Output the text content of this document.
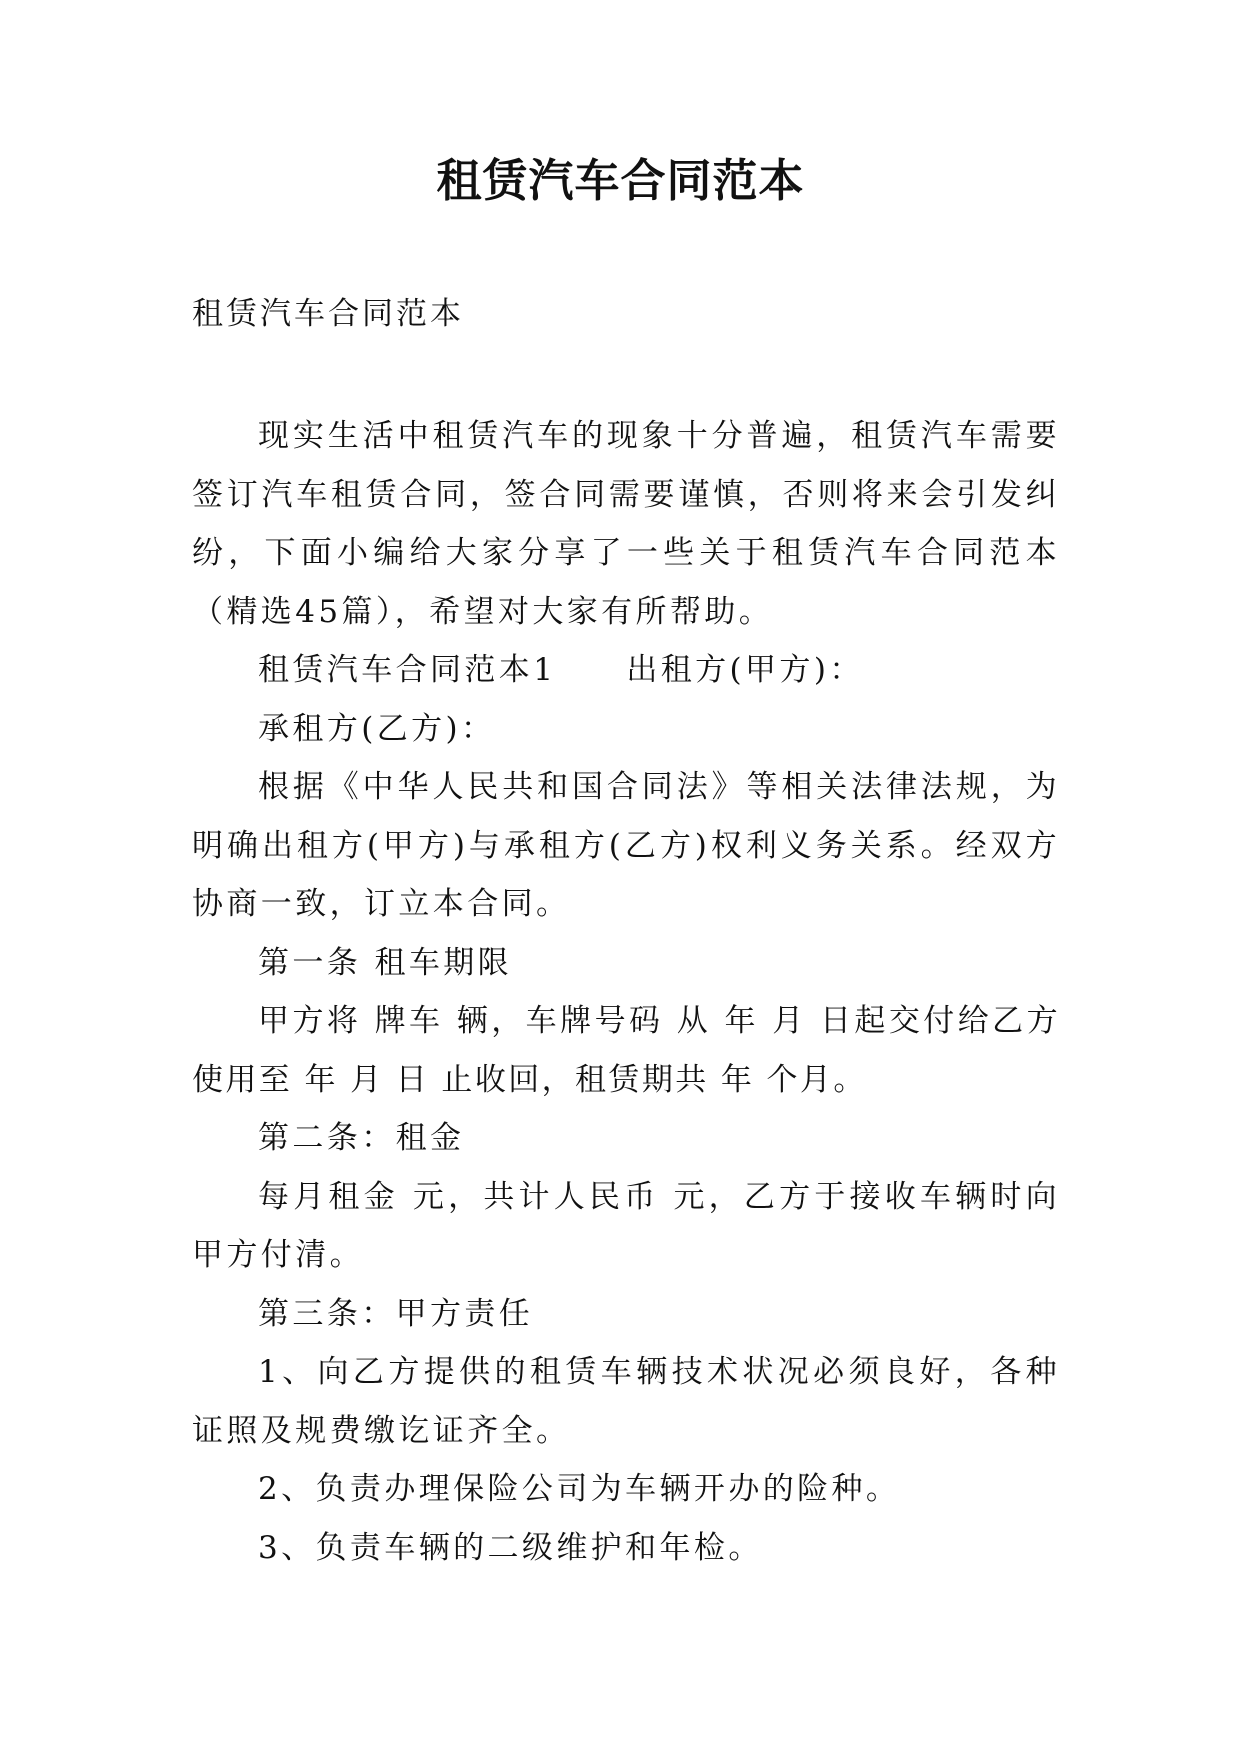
租赁汽车合同范本
租赁汽车合同范本

现实生活中租赁汽车的现象十分普遍，租赁汽车需要签订汽车租赁合同，签合同需要谨慎，否则将来会引发纠纷，下面小编给大家分享了一些关于租赁汽车合同范本（精选45篇），希望对大家有所帮助。

租赁汽车合同范本1 出租方(甲方)：

承租方(乙方)：

根据《中华人民共和国合同法》等相关法律法规，为明确出租方(甲方)与承租方(乙方)权利义务关系。经双方协商一致，订立本合同。

第一条 租车期限

甲方将 牌车 辆，车牌号码 从 年 月 日起交付给乙方使用至 年 月 日 止收回，租赁期共 年 个月。

第二条：租金

每月租金 元，共计人民币 元，乙方于接收车辆时向甲方付清。

第三条：甲方责任

1、向乙方提供的租赁车辆技术状况必须良好，各种证照及规费缴讫证齐全。

2、负责办理保险公司为车辆开办的险种。

3、负责车辆的二级维护和年检。
